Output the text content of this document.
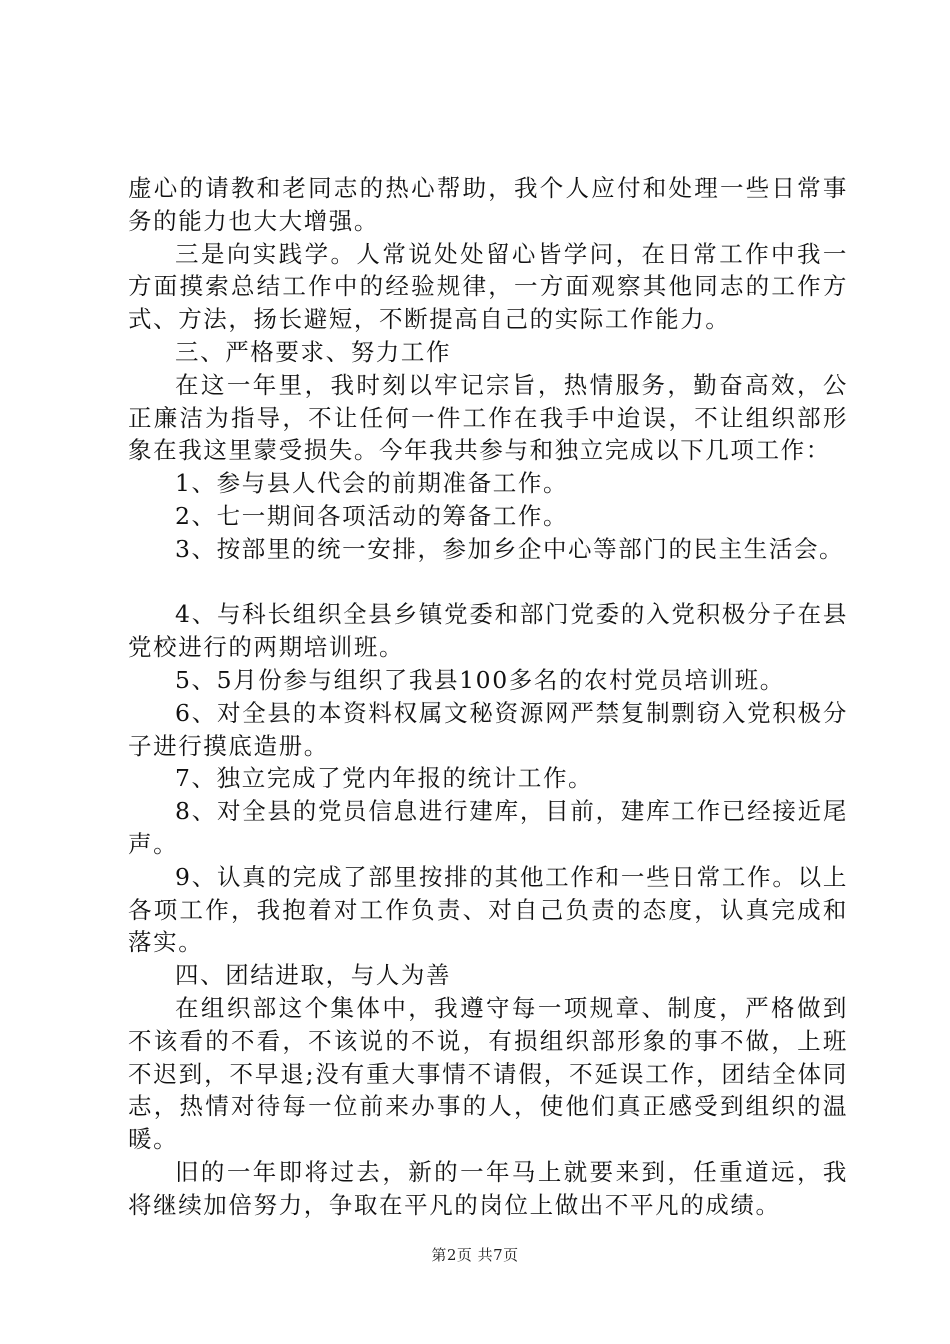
虚心的请教和老同志的热心帮助，我个人应付和处理一些日常事务的能力也大大增强。

三是向实践学。人常说处处留心皆学问，在日常工作中我一方面摸索总结工作中的经验规律，一方面观察其他同志的工作方式、方法，扬长避短，不断提高自己的实际工作能力。

三、严格要求、努力工作

在这一年里，我时刻以牢记宗旨，热情服务，勤奋高效，公正廉洁为指导，不让任何一件工作在我手中迨误，不让组织部形象在我这里蒙受损失。今年我共参与和独立完成以下几项工作：

1、参与县人代会的前期准备工作。

2、七一期间各项活动的筹备工作。

3、按部里的统一安排，参加乡企中心等部门的民主生活会。

4、与科长组织全县乡镇党委和部门党委的入党积极分子在县党校进行的两期培训班。

5、5月份参与组织了我县100多名的农村党员培训班。

6、对全县的本资料权属文秘资源网严禁复制剽窃入党积极分子进行摸底造册。

7、独立完成了党内年报的统计工作。

8、对全县的党员信息进行建库，目前，建库工作已经接近尾声。

9、认真的完成了部里按排的其他工作和一些日常工作。以上各项工作，我抱着对工作负责、对自己负责的态度，认真完成和落实。

四、团结进取，与人为善

在组织部这个集体中，我遵守每一项规章、制度，严格做到不该看的不看，不该说的不说，有损组织部形象的事不做，上班不迟到，不早退;没有重大事情不请假，不延误工作，团结全体同志，热情对待每一位前来办事的人，使他们真正感受到组织的温暖。

旧的一年即将过去，新的一年马上就要来到，任重道远，我将继续加倍努力，争取在平凡的岗位上做出不平凡的成绩。

第2页 共7页
